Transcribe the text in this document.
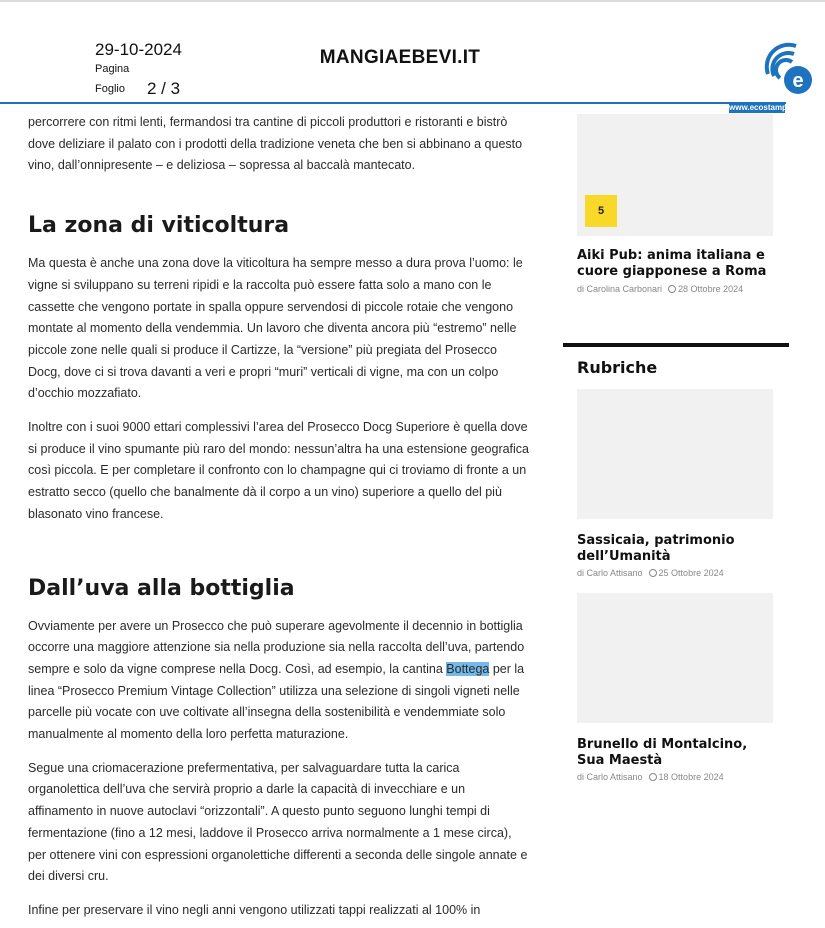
29-10-2024
Pagina
Foglio 2 / 3
MANGIAEBEVI.IT
e
www.ecostampa.it

percorrere con ritmi lenti, fermandosi tra cantine di piccoli produttori e ristoranti e bistrò dove deliziare il palato con i prodotti della tradizione veneta che ben si abbinano a questo vino, dall’onnipresente – e deliziosa – sopressa al baccalà mantecato.

La zona di viticoltura

Ma questa è anche una zona dove la viticoltura ha sempre messo a dura prova l’uomo: le vigne si sviluppano su terreni ripidi e la raccolta può essere fatta solo a mano con le cassette che vengono portate in spalla oppure servendosi di piccole rotaie che vengono montate al momento della vendemmia. Un lavoro che diventa ancora più “estremo” nelle piccole zone nelle quali si produce il Cartizze, la “versione” più pregiata del Prosecco Docg, dove ci si trova davanti a veri e propri “muri” verticali di vigne, ma con un colpo d’occhio mozzafiato.

Inoltre con i suoi 9000 ettari complessivi l’area del Prosecco Docg Superiore è quella dove si produce il vino spumante più raro del mondo: nessun’altra ha una estensione geografica così piccola. E per completare il confronto con lo champagne qui ci troviamo di fronte a un estratto secco (quello che banalmente dà il corpo a un vino) superiore a quello del più blasonato vino francese.

Dall’uva alla bottiglia

Ovviamente per avere un Prosecco che può superare agevolmente il decennio in bottiglia occorre una maggiore attenzione sia nella produzione sia nella raccolta dell’uva, partendo sempre e solo da vigne comprese nella Docg. Così, ad esempio, la cantina Bottega per la linea “Prosecco Premium Vintage Collection” utilizza una selezione di singoli vigneti nelle parcelle più vocate con uve coltivate all’insegna della sostenibilità e vendemmiate solo manualmente al momento della loro perfetta maturazione.

Segue una criomacerazione prefermentativa, per salvaguardare tutta la carica organolettica dell’uva che servirà proprio a darle la capacità di invecchiare e un affinamento in nuove autoclavi “orizzontali”. A questo punto seguono lunghi tempi di fermentazione (fino a 12 mesi, laddove il Prosecco arriva normalmente a 1 mese circa), per ottenere vini con espressioni organolettiche differenti a seconda delle singole annate e dei diversi cru.

Infine per preservare il vino negli anni vengono utilizzati tappi realizzati al 100% in

5
Aiki Pub: anima italiana e cuore giapponese a Roma
di Carolina Carbonari 28 Ottobre 2024
Rubriche
Sassicaia, patrimonio dell’Umanità
di Carlo Attisano 25 Ottobre 2024
Brunello di Montalcino, Sua Maestà
di Carlo Attisano 18 Ottobre 2024
